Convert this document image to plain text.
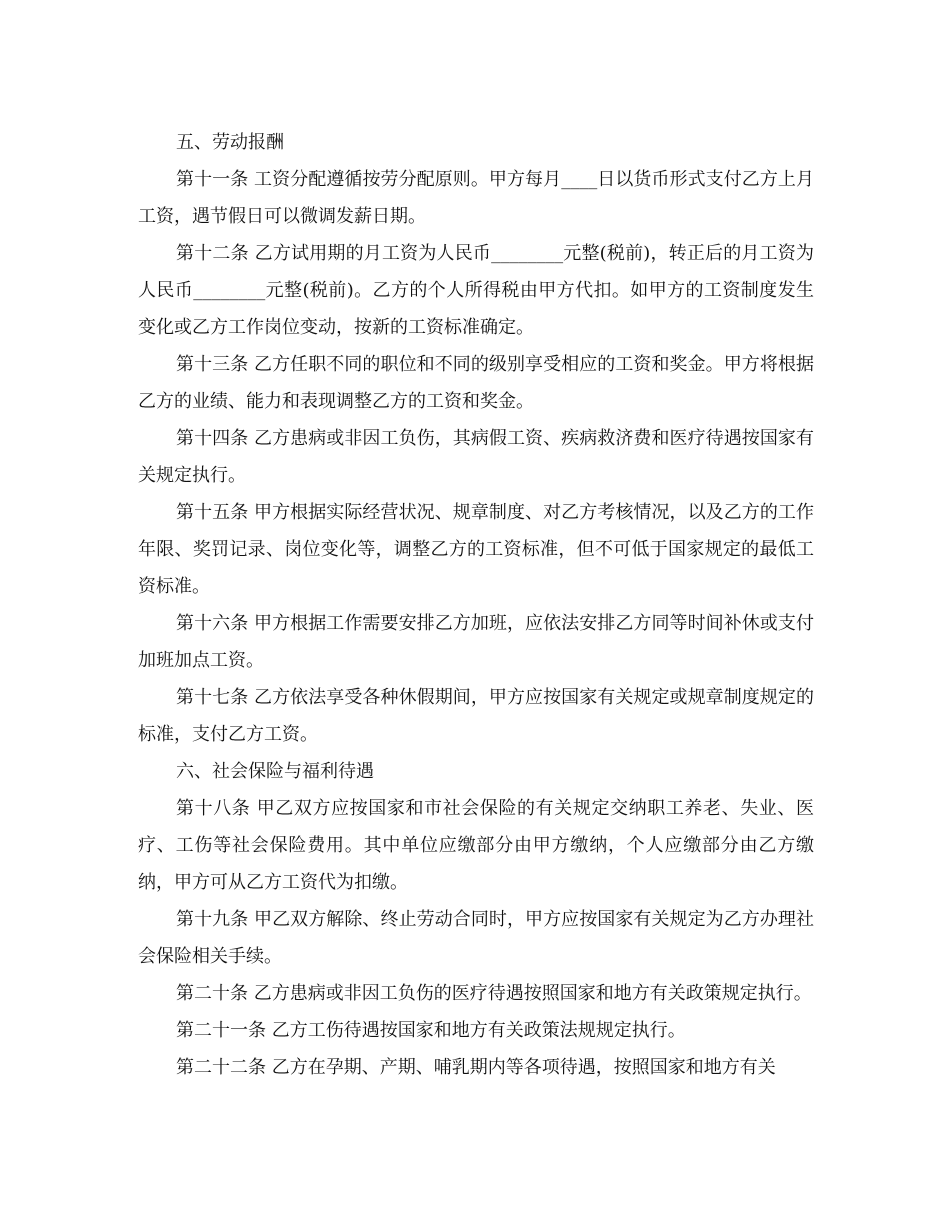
五、劳动报酬

第十一条 工资分配遵循按劳分配原则。甲方每月____日以货币形式支付乙方上月工资，遇节假日可以微调发薪日期。

第十二条 乙方试用期的月工资为人民币________元整(税前)，转正后的月工资为人民币________元整(税前)。乙方的个人所得税由甲方代扣。如甲方的工资制度发生变化或乙方工作岗位变动，按新的工资标准确定。

第十三条 乙方任职不同的职位和不同的级别享受相应的工资和奖金。甲方将根据乙方的业绩、能力和表现调整乙方的工资和奖金。

第十四条 乙方患病或非因工负伤，其病假工资、疾病救济费和医疗待遇按国家有关规定执行。

第十五条 甲方根据实际经营状况、规章制度、对乙方考核情况，以及乙方的工作年限、奖罚记录、岗位变化等，调整乙方的工资标准，但不可低于国家规定的最低工资标准。

第十六条 甲方根据工作需要安排乙方加班，应依法安排乙方同等时间补休或支付加班加点工资。

第十七条 乙方依法享受各种休假期间，甲方应按国家有关规定或规章制度规定的标准，支付乙方工资。

六、社会保险与福利待遇

第十八条 甲乙双方应按国家和市社会保险的有关规定交纳职工养老、失业、医疗、工伤等社会保险费用。其中单位应缴部分由甲方缴纳，个人应缴部分由乙方缴纳，甲方可从乙方工资代为扣缴。

第十九条 甲乙双方解除、终止劳动合同时，甲方应按国家有关规定为乙方办理社会保险相关手续。

第二十条 乙方患病或非因工负伤的医疗待遇按照国家和地方有关政策规定执行。

第二十一条 乙方工伤待遇按国家和地方有关政策法规规定执行。

第二十二条 乙方在孕期、产期、哺乳期内等各项待遇，按照国家和地方有关
